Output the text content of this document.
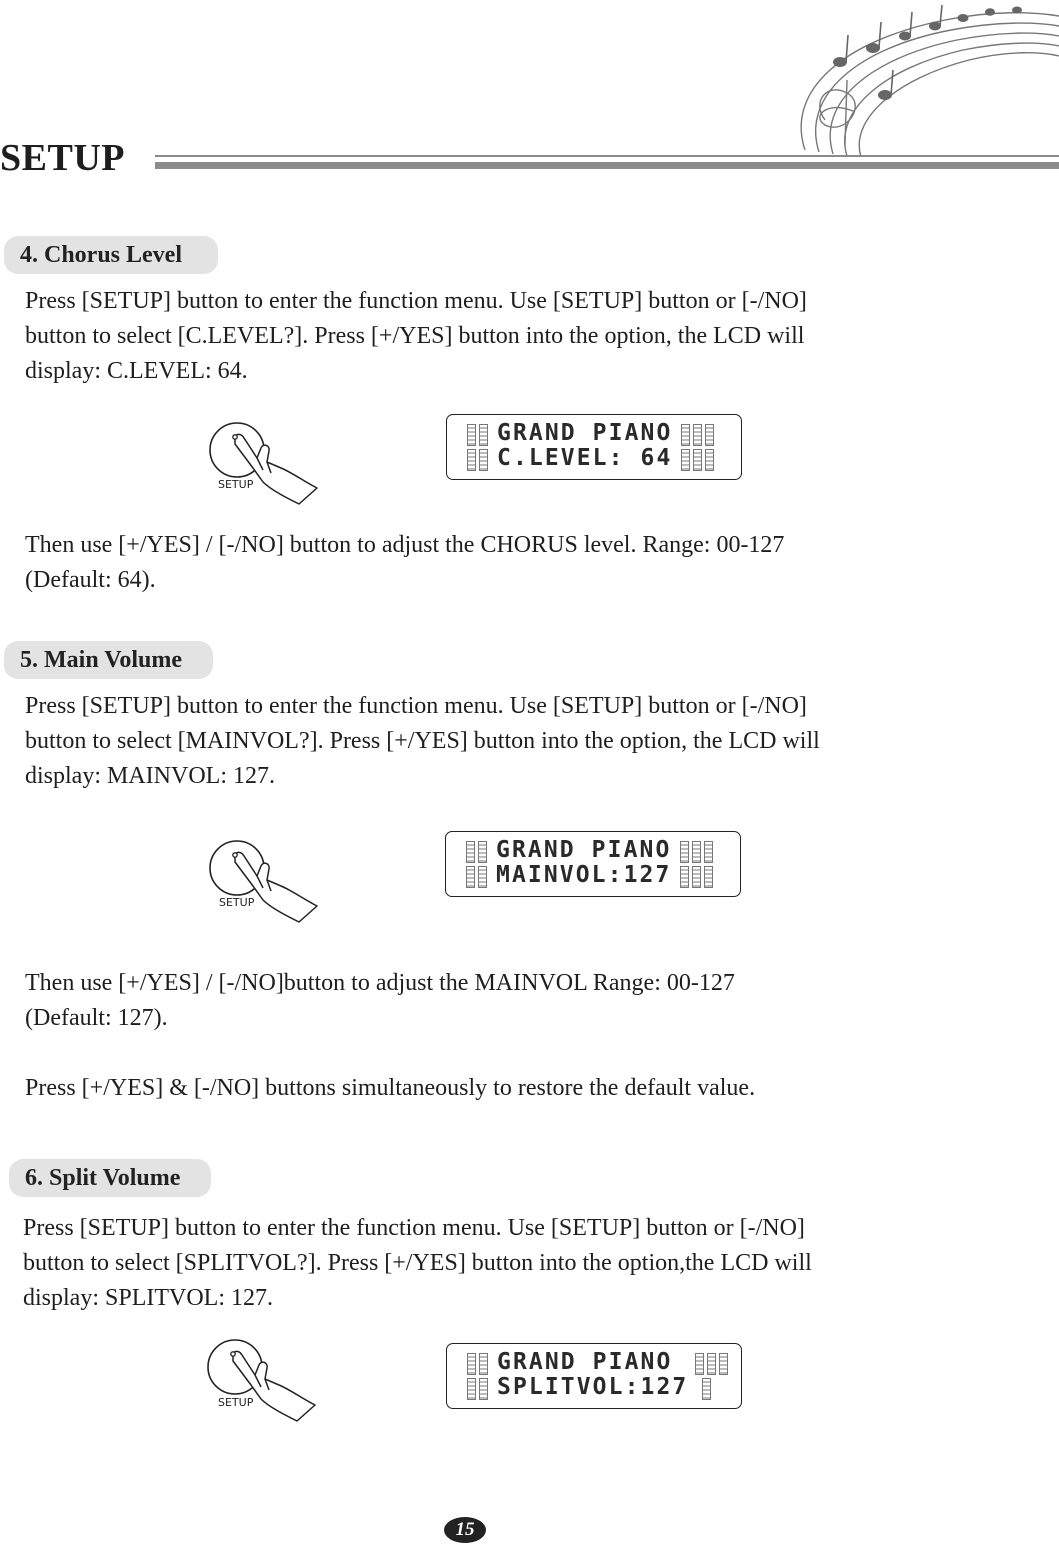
SETUP
4. Chorus Level

Press [SETUP] button to enter the function menu. Use [SETUP] button or [-/NO]

button to select [C.LEVEL?]. Press [+/YES] button into the option, the LCD will

display: C.LEVEL: 64.

SETUP
GRAND PIANO
C.LEVEL: 64

Then use [+/YES] / [-/NO] button to adjust the CHORUS level. Range: 00-127

(Default: 64).

5. Main Volume

Press [SETUP] button to enter the function menu. Use [SETUP] button or [-/NO]

button to select [MAINVOL?]. Press [+/YES] button into the option, the LCD will

display: MAINVOL: 127.

SETUP
GRAND PIANO
MAINVOL:127

Then use [+/YES] / [-/NO]button to adjust the MAINVOL Range: 00-127

(Default: 127).

Press [+/YES] & [-/NO] buttons simultaneously to restore the default value.

6. Split Volume

Press [SETUP] button to enter the function menu. Use [SETUP] button or [-/NO]

button to select [SPLITVOL?]. Press [+/YES] button into the option,the LCD will

display: SPLITVOL: 127.

SETUP
GRAND PIANO
SPLITVOL:127
15
